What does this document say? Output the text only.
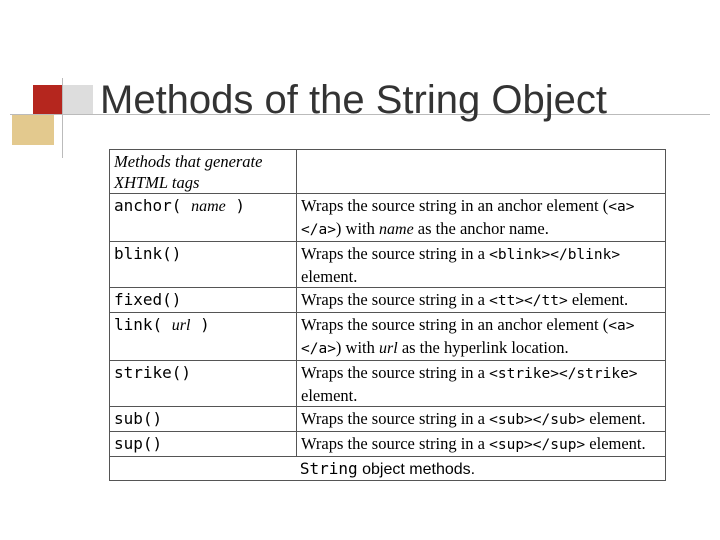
Methods of the String Object
Methods that generate XHTML tags	
anchor( name )	Wraps the source string in an anchor element (<a></a>) with name as the anchor name.
blink()	Wraps the source string in a <blink></blink> element.
fixed()	Wraps the source string in a <tt></tt> element.
link( url )	Wraps the source string in an anchor element (<a></a>) with url as the hyperlink location.
strike()	Wraps the source string in a <strike></strike> element.
sub()	Wraps the source string in a <sub></sub> element.
sup()	Wraps the source string in a <sup></sup> element.
String object methods.	
